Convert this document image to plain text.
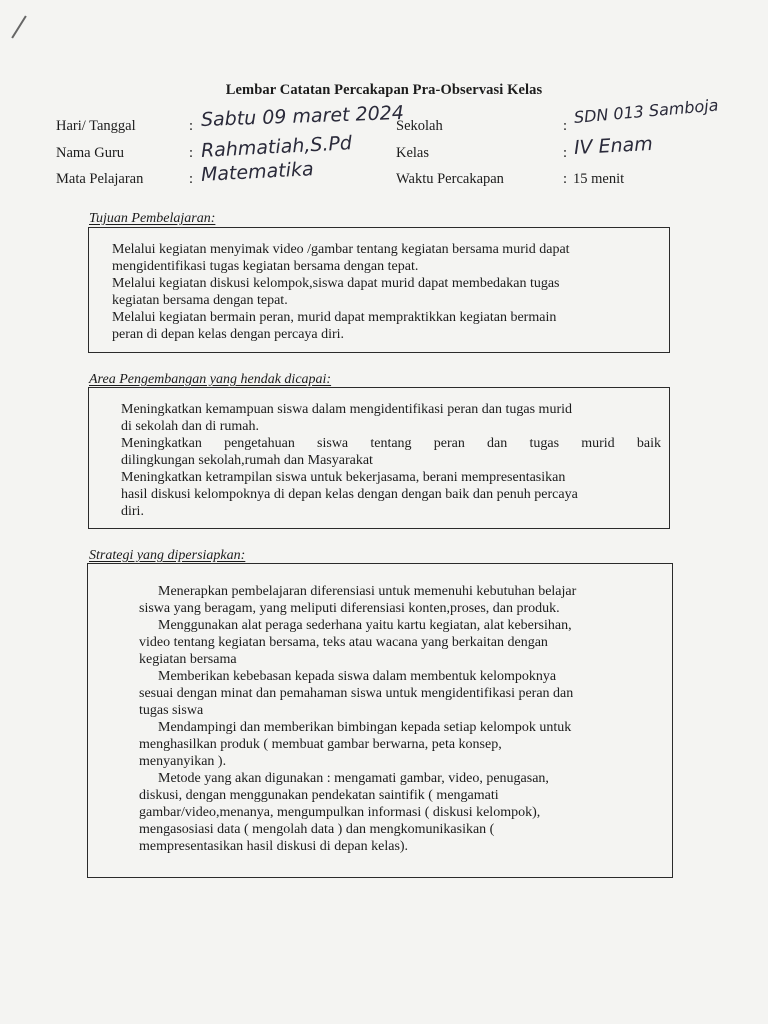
Lembar Catatan Percakapan Pra-Observasi Kelas
Hari/ Tanggal	: Sabtu 09 maret 2024
Nama Guru	: Rahmatiah,S.Pd
Mata Pelajaran	: Matematika
Sekolah	: SDN 013 Samboja
Kelas	: IV Enam
Waktu Percakapan	: 15 menit
Tujuan Pembelajaran:

Melalui kegiatan menyimak video /gambar tentang kegiatan bersama murid dapat

mengidentifikasi tugas kegiatan bersama dengan tepat.

Melalui kegiatan diskusi kelompok,siswa dapat murid dapat membedakan tugas

kegiatan bersama dengan tepat.

Melalui kegiatan bermain peran, murid dapat mempraktikkan kegiatan bermain

peran di depan kelas dengan percaya diri.

Area Pengembangan yang hendak dicapai:

Meningkatkan kemampuan siswa dalam mengidentifikasi peran dan tugas murid

di sekolah dan di rumah.

Meningkatkan pengetahuan siswa tentang peran dan tugas murid baik

dilingkungan sekolah,rumah dan Masyarakat

Meningkatkan ketrampilan siswa untuk bekerjasama, berani mempresentasikan

hasil diskusi kelompoknya di depan kelas dengan dengan baik dan penuh percaya

diri.

Strategi yang dipersiapkan:

Menerapkan pembelajaran diferensiasi untuk memenuhi kebutuhan belajar

siswa yang beragam, yang meliputi diferensiasi konten,proses, dan produk.

Menggunakan alat peraga sederhana yaitu kartu kegiatan, alat kebersihan,

video tentang kegiatan bersama, teks atau wacana yang berkaitan dengan

kegiatan bersama

Memberikan kebebasan kepada siswa dalam membentuk kelompoknya

sesuai dengan minat dan pemahaman siswa untuk mengidentifikasi peran dan

tugas siswa

Mendampingi dan memberikan bimbingan kepada setiap kelompok untuk

menghasilkan produk ( membuat gambar berwarna, peta konsep,

menyanyikan ).

Metode yang akan digunakan : mengamati gambar, video, penugasan,

diskusi, dengan menggunakan pendekatan saintifik ( mengamati

gambar/video,menanya, mengumpulkan informasi ( diskusi kelompok),

mengasosiasi data ( mengolah data ) dan mengkomunikasikan (

mempresentasikan hasil diskusi di depan kelas).
